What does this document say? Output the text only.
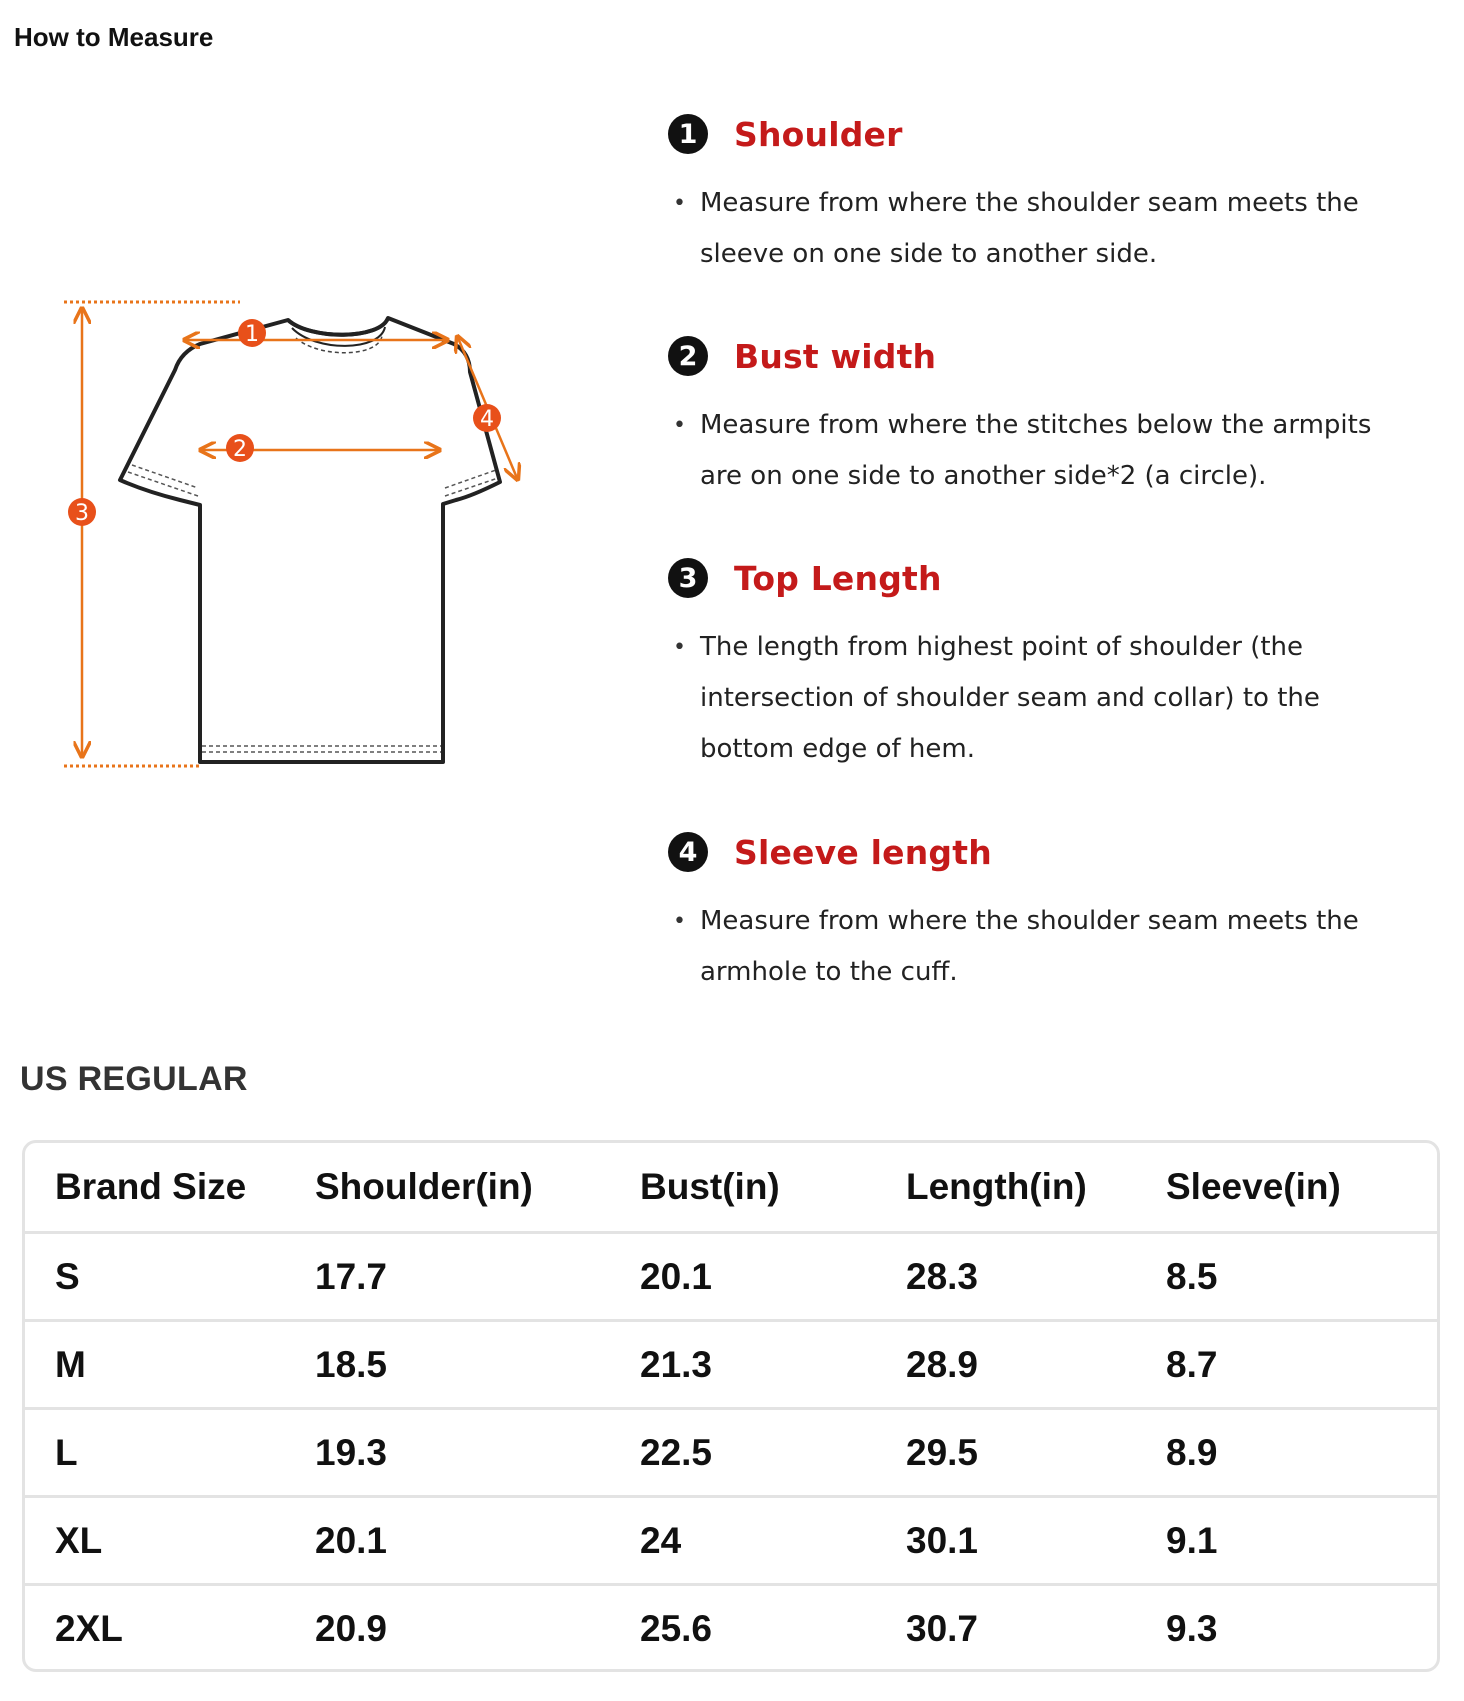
How to Measure
1
2
3
4
1	Shoulder
• Measure from where the shoulder seam meets the sleeve on one side to another side.
2	Bust width
• Measure from where the stitches below the armpits are on one side to another side*2 (a circle).
3	Top Length
• The length from highest point of shoulder (the intersection of shoulder seam and collar) to the bottom edge of hem.
4	Sleeve length
• Measure from where the shoulder seam meets the armhole to the cuff.
US REGULAR
Brand Size	Shoulder(in)	Bust(in)	Length(in)	Sleeve(in)
S	17.7	20.1	28.3	8.5
M	18.5	21.3	28.9	8.7
L	19.3	22.5	29.5	8.9
XL	20.1	24	30.1	9.1
2XL	20.9	25.6	30.7	9.3
